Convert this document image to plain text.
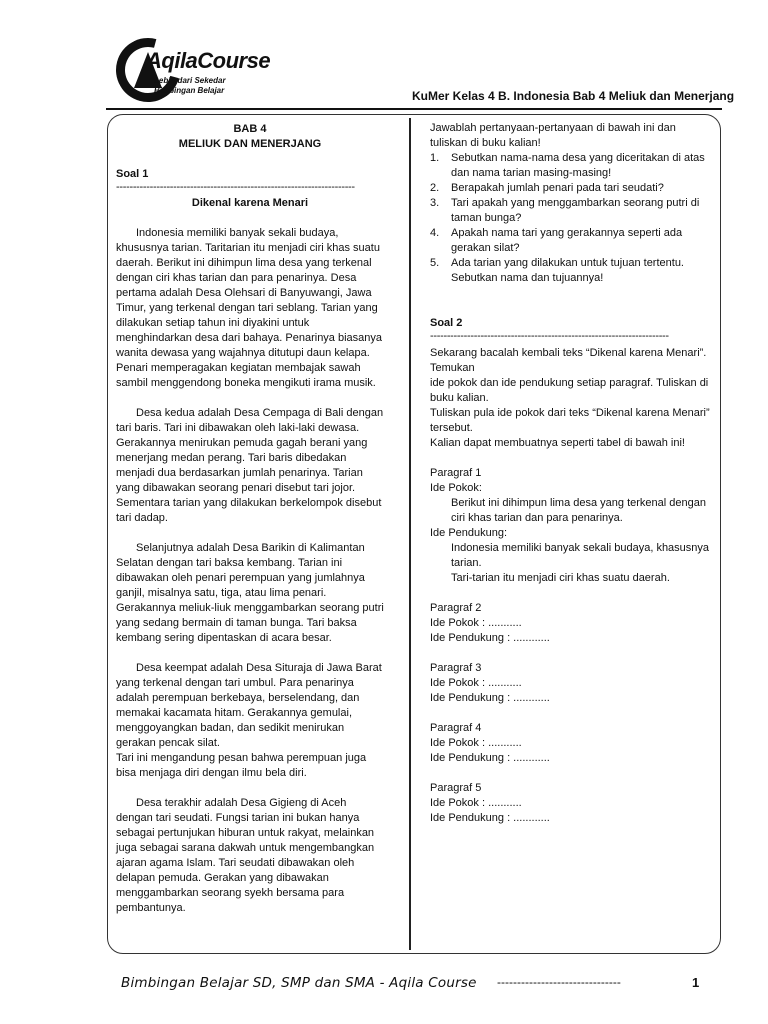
AqilaCourse
Lebih dari Sekedar
Bimbingan Belajar	KuMer Kelas 4 B. Indonesia Bab 4 Meliuk dan Menerjang
BAB 4
MELIUK DAN MENERJANG
Soal 1
-----------------------------------------------------------------------
Dikenal karena Menari

Indonesia memiliki banyak sekali budaya, khususnya tarian. Taritarian itu menjadi ciri khas suatu daerah. Berikut ini dihimpun lima desa yang terkenal dengan ciri khas tarian dan para penarinya. Desa pertama adalah Desa Olehsari di Banyuwangi, Jawa Timur, yang terkenal dengan tari seblang. Tarian yang dilakukan setiap tahun ini diyakini untuk menghindarkan desa dari bahaya. Penarinya biasanya wanita dewasa yang wajahnya ditutupi daun kelapa. Penari memperagakan kegiatan membajak sawah sambil menggendong boneka mengikuti irama musik.

Desa kedua adalah Desa Cempaga di Bali dengan tari baris. Tari ini dibawakan oleh laki-laki dewasa. Gerakannya menirukan pemuda gagah berani yang menerjang medan perang. Tari baris dibedakan menjadi dua berdasarkan jumlah penarinya. Tarian yang dibawakan seorang penari disebut tari jojor. Sementara tarian yang dilakukan berkelompok disebut tari dadap.

Selanjutnya adalah Desa Barikin di Kalimantan Selatan dengan tari baksa kembang. Tarian ini dibawakan oleh penari perempuan yang jumlahnya ganjil, misalnya satu, tiga, atau lima penari. Gerakannya meliuk-liuk menggambarkan seorang putri yang sedang bermain di taman bunga. Tari baksa kembang sering dipentaskan di acara besar.

Desa keempat adalah Desa Situraja di Jawa Barat yang terkenal dengan tari umbul. Para penarinya adalah perempuan berkebaya, berselendang, dan memakai kacamata hitam. Gerakannya gemulai, menggoyangkan badan, dan sedikit menirukan gerakan pencak silat.

Tari ini mengandung pesan bahwa perempuan juga bisa menjaga diri dengan ilmu bela diri.

Desa terakhir adalah Desa Gigieng di Aceh dengan tari seudati. Fungsi tarian ini bukan hanya sebagai pertunjukan hiburan untuk rakyat, melainkan juga sebagai sarana dakwah untuk mengembangkan ajaran agama Islam. Tari seudati dibawakan oleh delapan pemuda. Gerakan yang dibawakan menggambarkan seorang syekh bersama para pembantunya.

Jawablah pertanyaan-pertanyaan di bawah ini dan tuliskan di buku kalian!

1. Sebutkan nama-nama desa yang diceritakan di atas dan nama tarian masing-masing!
2. Berapakah jumlah penari pada tari seudati?
3. Tari apakah yang menggambarkan seorang putri di taman bunga?
4. Apakah nama tari yang gerakannya seperti ada gerakan silat?
5. Ada tarian yang dilakukan untuk tujuan tertentu. Sebutkan nama dan tujuannya!
Soal 2
-----------------------------------------------------------------------

Sekarang bacalah kembali teks “Dikenal karena Menari”. Temukan

ide pokok dan ide pendukung setiap paragraf. Tuliskan di buku kalian.

Tuliskan pula ide pokok dari teks “Dikenal karena Menari” tersebut.

Kalian dapat membuatnya seperti tabel di bawah ini!

Paragraf 1
Ide Pokok:
Berikut ini dihimpun lima desa yang terkenal dengan ciri khas tarian dan para penarinya.
Ide Pendukung:
Indonesia memiliki banyak sekali budaya, khasusnya tarian.
Tari-tarian itu menjadi ciri khas suatu daerah.
Paragraf 2
Ide Pokok : ...........
Ide Pendukung : ............
Paragraf 3
Ide Pokok : ...........
Ide Pendukung : ............
Paragraf 4
Ide Pokok : ...........
Ide Pendukung : ............
Paragraf 5
Ide Pokok : ...........
Ide Pendukung : ............
Bimbingan Belajar SD, SMP dan SMA - Aqila Course -------------------------------	1
